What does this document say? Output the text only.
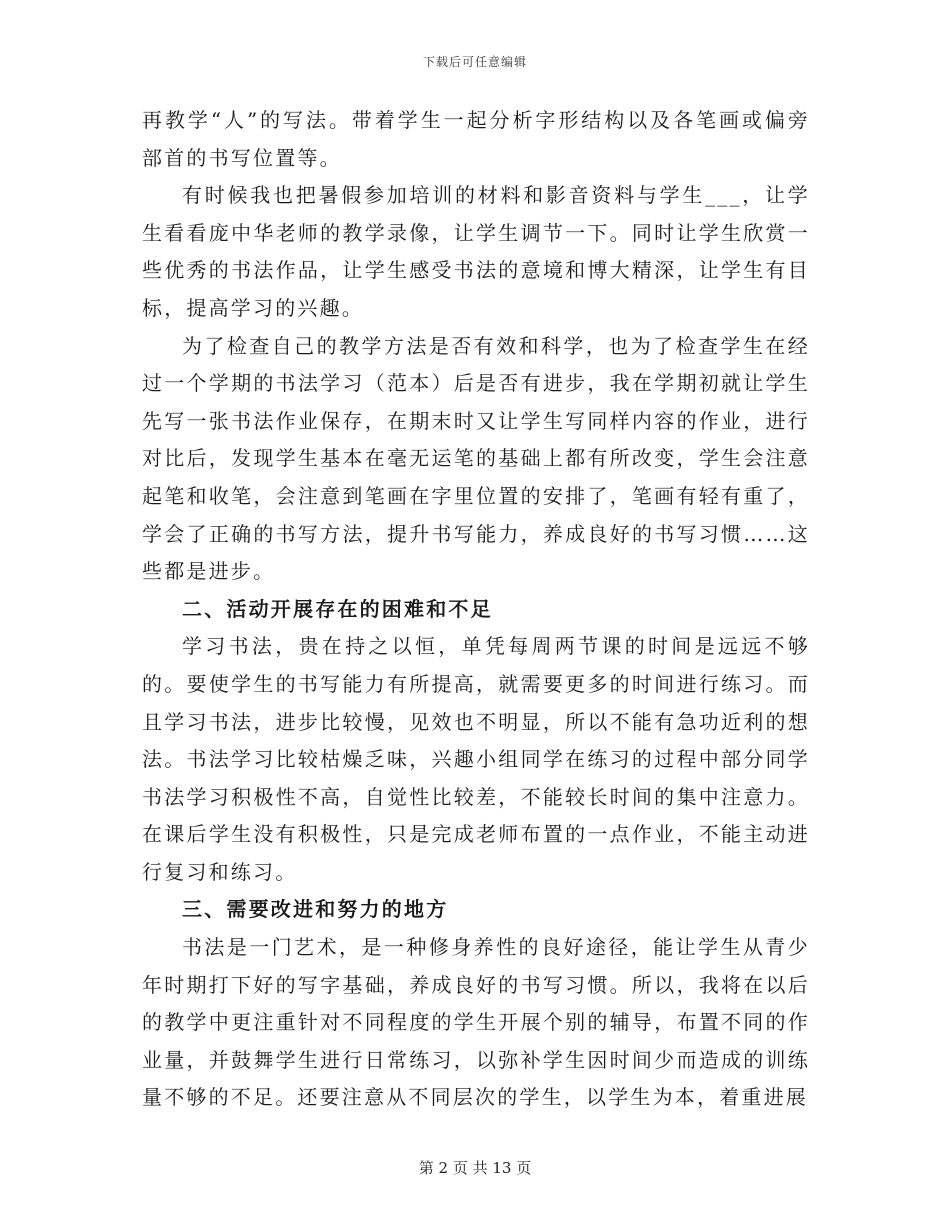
下载后可任意编辑

再教学“人”的写法。带着学生一起分析字形结构以及各笔画或偏旁部首的书写位置等。

有时候我也把暑假参加培训的材料和影音资料与学生___，让学生看看庞中华老师的教学录像，让学生调节一下。同时让学生欣赏一些优秀的书法作品，让学生感受书法的意境和博大精深，让学生有目标，提高学习的兴趣。

为了检查自己的教学方法是否有效和科学，也为了检查学生在经过一个学期的书法学习（范本）后是否有进步，我在学期初就让学生先写一张书法作业保存，在期末时又让学生写同样内容的作业，进行对比后，发现学生基本在毫无运笔的基础上都有所改变，学生会注意起笔和收笔，会注意到笔画在字里位置的安排了，笔画有轻有重了，学会了正确的书写方法，提升书写能力，养成良好的书写习惯……这些都是进步。

二、活动开展存在的困难和不足

学习书法，贵在持之以恒，单凭每周两节课的时间是远远不够的。要使学生的书写能力有所提高，就需要更多的时间进行练习。而且学习书法，进步比较慢，见效也不明显，所以不能有急功近利的想法。书法学习比较枯燥乏味，兴趣小组同学在练习的过程中部分同学书法学习积极性不高，自觉性比较差，不能较长时间的集中注意力。在课后学生没有积极性，只是完成老师布置的一点作业，不能主动进行复习和练习。

三、需要改进和努力的地方

书法是一门艺术，是一种修身养性的良好途径，能让学生从青少年时期打下好的写字基础，养成良好的书写习惯。所以，我将在以后的教学中更注重针对不同程度的学生开展个别的辅导，布置不同的作业量，并鼓舞学生进行日常练习，以弥补学生因时间少而造成的训练量不够的不足。还要注意从不同层次的学生，以学生为本，着重进展

第 2 页 共 13 页
